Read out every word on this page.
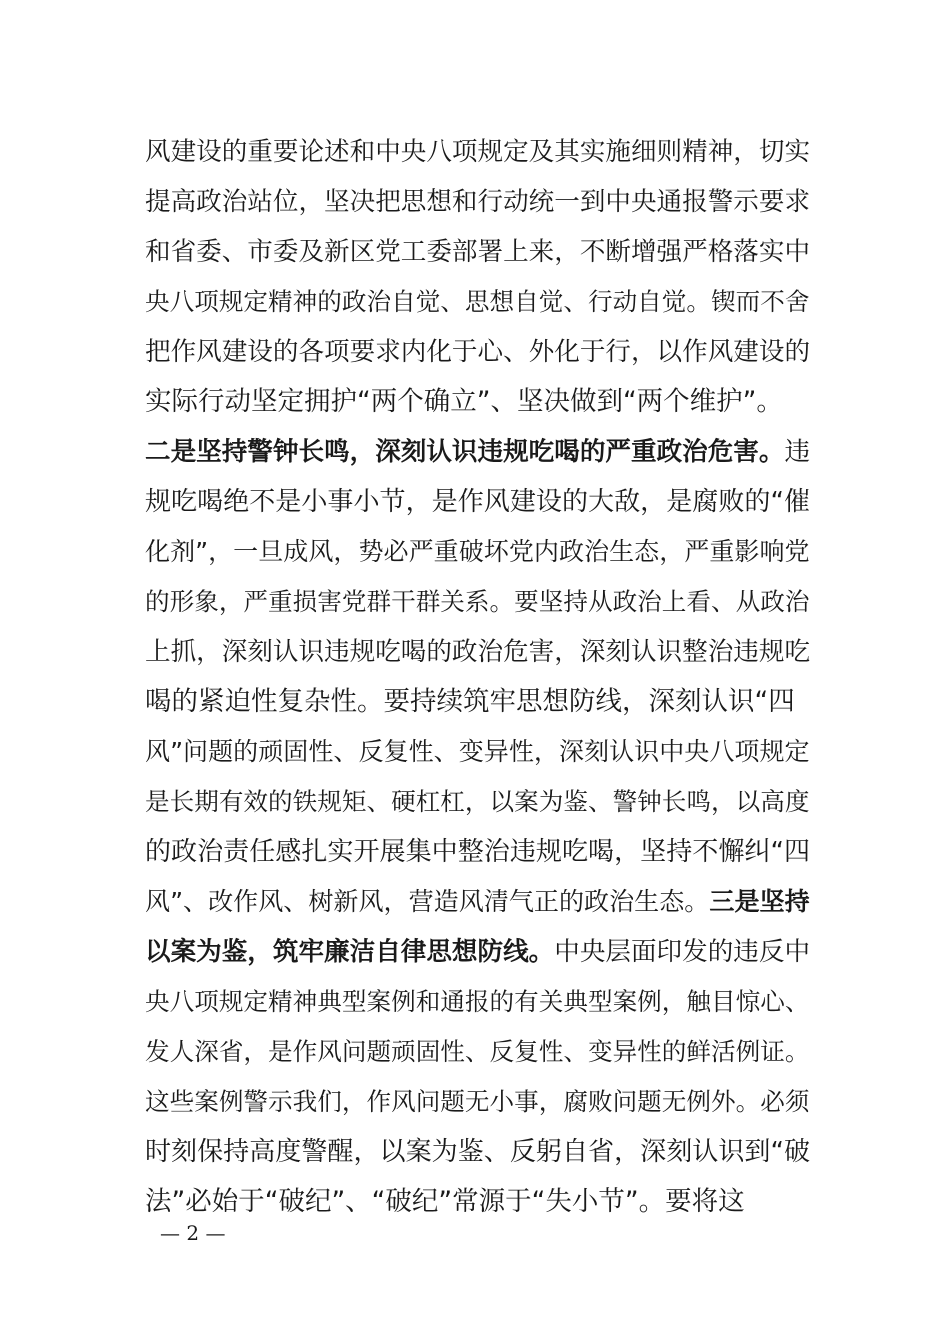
风建设的重要论述和中央八项规定及其实施细则精神，切实
提高政治站位，坚决把思想和行动统一到中央通报警示要求
和省委、市委及新区党工委部署上来，不断增强严格落实中
央八项规定精神的政治自觉、思想自觉、行动自觉。锲而不舍
把作风建设的各项要求内化于心、外化于行，以作风建设的
实际行动坚定拥护“两个确立”、坚决做到“两个维护”。
二是坚持警钟长鸣，深刻认识违规吃喝的严重政治危害。违
规吃喝绝不是小事小节，是作风建设的大敌，是腐败的“催
化剂”，一旦成风，势必严重破坏党内政治生态，严重影响党
的形象，严重损害党群干群关系。要坚持从政治上看、从政治
上抓，深刻认识违规吃喝的政治危害，深刻认识整治违规吃
喝的紧迫性复杂性。要持续筑牢思想防线，深刻认识“四
风”问题的顽固性、反复性、变异性，深刻认识中央八项规定
是长期有效的铁规矩、硬杠杠，以案为鉴、警钟长鸣，以高度
的政治责任感扎实开展集中整治违规吃喝，坚持不懈纠“四
风”、改作风、树新风，营造风清气正的政治生态。三是坚持
以案为鉴，筑牢廉洁自律思想防线。中央层面印发的违反中
央八项规定精神典型案例和通报的有关典型案例，触目惊心、
发人深省，是作风问题顽固性、反复性、变异性的鲜活例证。
这些案例警示我们，作风问题无小事，腐败问题无例外。必须
时刻保持高度警醒，以案为鉴、反躬自省，深刻认识到“破
法”必始于“破纪”、“破纪”常源于“失小节”。要将这
— 2 —
